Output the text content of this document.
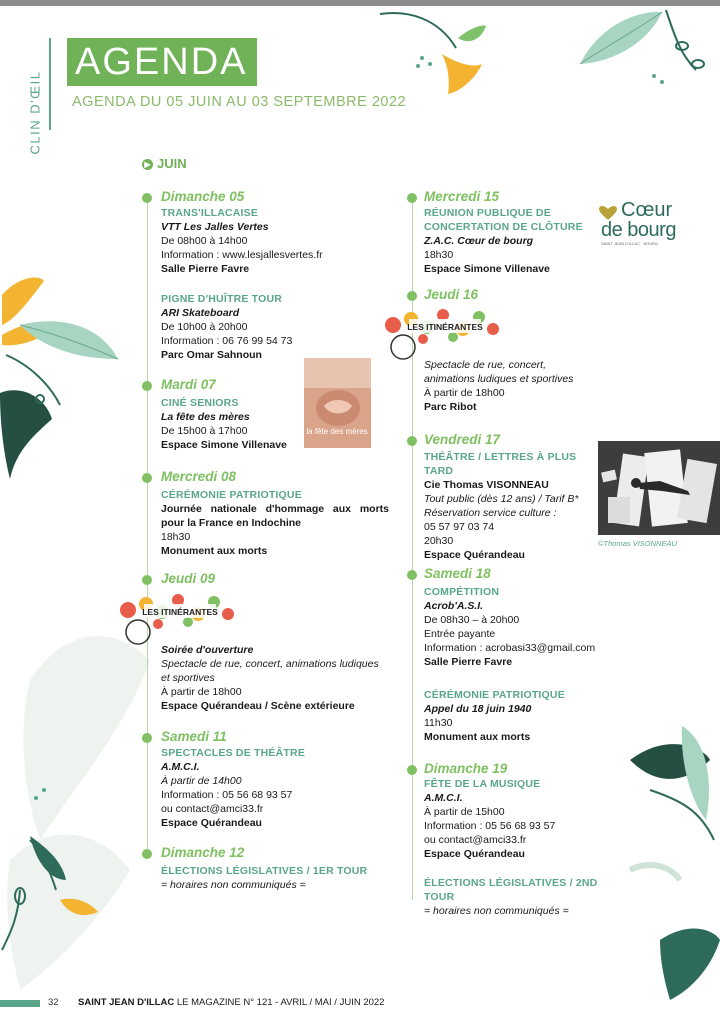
CLIN D'ŒIL
AGENDA
AGENDA DU 05 JUIN AU 03 SEPTEMBRE 2022
▶ JUIN
Dimanche 05
TRANS'ILLACAISE
VTT Les Jalles Vertes
De 08h00 à 14h00
Information : www.lesjallesvertes.fr
Salle Pierre Favre
PIGNE D'HUÎTRE TOUR
ARI Skateboard
De 10h00 à 20h00
Information : 06 76 99 54 73
Parc Omar Sahnoun
Mardi 07
CINÉ SENIORS
La fête des mères
De 15h00 à 17h00
Espace Simone Villenave
la fête des mères
Mercredi 08
CÉRÉMONIE PATRIOTIQUE
Journée nationale d'hommage aux morts pour la France en Indochine
18h30
Monument aux morts
Jeudi 09
LES ITINÉRANTES
Soirée d'ouverture
Spectacle de rue, concert, animations ludiques et sportives
À partir de 18h00
Espace Quérandeau / Scène extérieure
Samedi 11
SPECTACLES DE THÉÂTRE
A.M.C.I.
À partir de 14h00
Information : 05 56 68 93 57
ou contact@amci33.fr
Espace Quérandeau
Dimanche 12
ÉLECTIONS LÉGISLATIVES / 1ER TOUR
= horaires non communiqués =
Mercredi 15
RÉUNION PUBLIQUE DE CONCERTATION DE CLÔTURE
Z.A.C. Cœur de bourg
18h30
Espace Simone Villenave
Cœur
de bourg
SAINT JEAN D'ILLAC · BOURG
Jeudi 16
LES ITINÉRANTES
Spectacle de rue, concert,
animations ludiques et sportives
À partir de 18h00
Parc Ribot
Vendredi 17
THÉÂTRE / LETTRES À PLUS TARD
Cie Thomas VISONNEAU
Tout public (dès 12 ans) / Tarif B*
Réservation service culture :
05 57 97 03 74
20h30
Espace Quérandeau
©Thomas VISONNEAU
Samedi 18
COMPÉTITION
Acrob'A.S.I.
De 08h30 – à 20h00
Entrée payante
Information : acrobasi33@gmail.com
Salle Pierre Favre
CÉRÉMONIE PATRIOTIQUE
Appel du 18 juin 1940
11h30
Monument aux morts
Dimanche 19
FÊTE DE LA MUSIQUE
A.M.C.I.
À partir de 15h00
Information : 05 56 68 93 57
ou contact@amci33.fr
Espace Quérandeau
ÉLECTIONS LÉGISLATIVES / 2ND TOUR
= horaires non communiqués =
32 SAINT JEAN D'ILLAC LE MAGAZINE N° 121 - AVRIL / MAI / JUIN 2022
